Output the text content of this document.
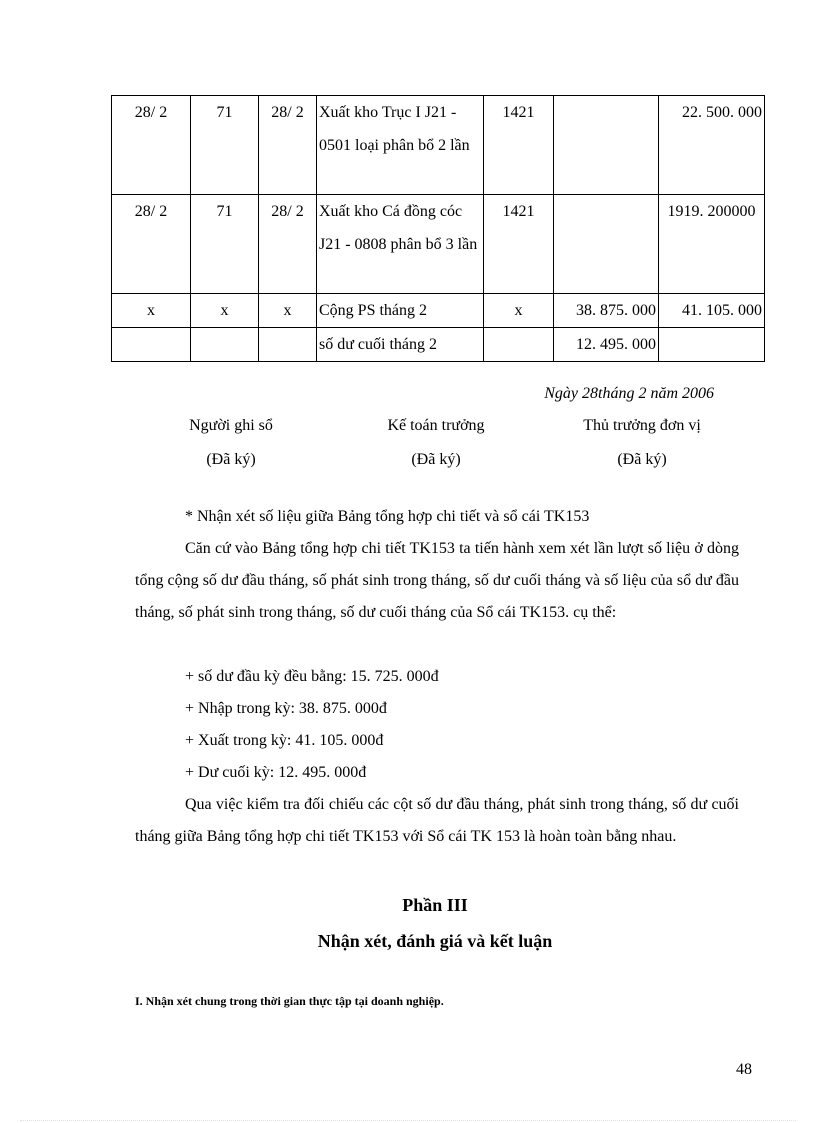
28/ 2	71	28/ 2	Xuất kho Trục I J21 - 0501 loại phân bổ 2 lần	1421		22. 500. 000
28/ 2	71	28/ 2	Xuất kho Cá đồng cóc J21 - 0808 phân bổ 3 lần	1421		1919. 200000
x	x	x	Cộng PS tháng 2	x	38. 875. 000	41. 105. 000
			số dư cuối tháng 2		12. 495. 000	
Ngày 28tháng 2 năm 2006
Người ghi sổ	Kế toán trưởng	Thủ trưởng đơn vị
(Đã ký)	(Đã ký)	(Đã ký)

* Nhận xét số liệu giữa Bảng tổng hợp chi tiết và sổ cái TK153

Căn cứ vào Bảng tổng hợp chi tiết TK153 ta tiến hành xem xét lần lượt số liệu ở dòng tổng cộng số dư đầu tháng, số phát sinh trong tháng, số dư cuối tháng và số liệu của sổ dư đầu tháng, số phát sinh trong tháng, số dư cuối tháng của Sổ cái TK153. cụ thể:

+ số dư đầu kỳ đều bằng: 15. 725. 000đ

+ Nhập trong kỳ: 38. 875. 000đ

+ Xuất trong kỳ: 41. 105. 000đ

+ Dư cuối kỳ: 12. 495. 000đ

Qua việc kiểm tra đối chiếu các cột số dư đầu tháng, phát sinh trong tháng, số dư cuối tháng giữa Bảng tổng hợp chi tiết TK153 với Sổ cái TK 153 là hoàn toàn bằng nhau.

Phần III
Nhận xét, đánh giá và kết luận
I. Nhận xét chung trong thời gian thực tập tại doanh nghiệp.
48
